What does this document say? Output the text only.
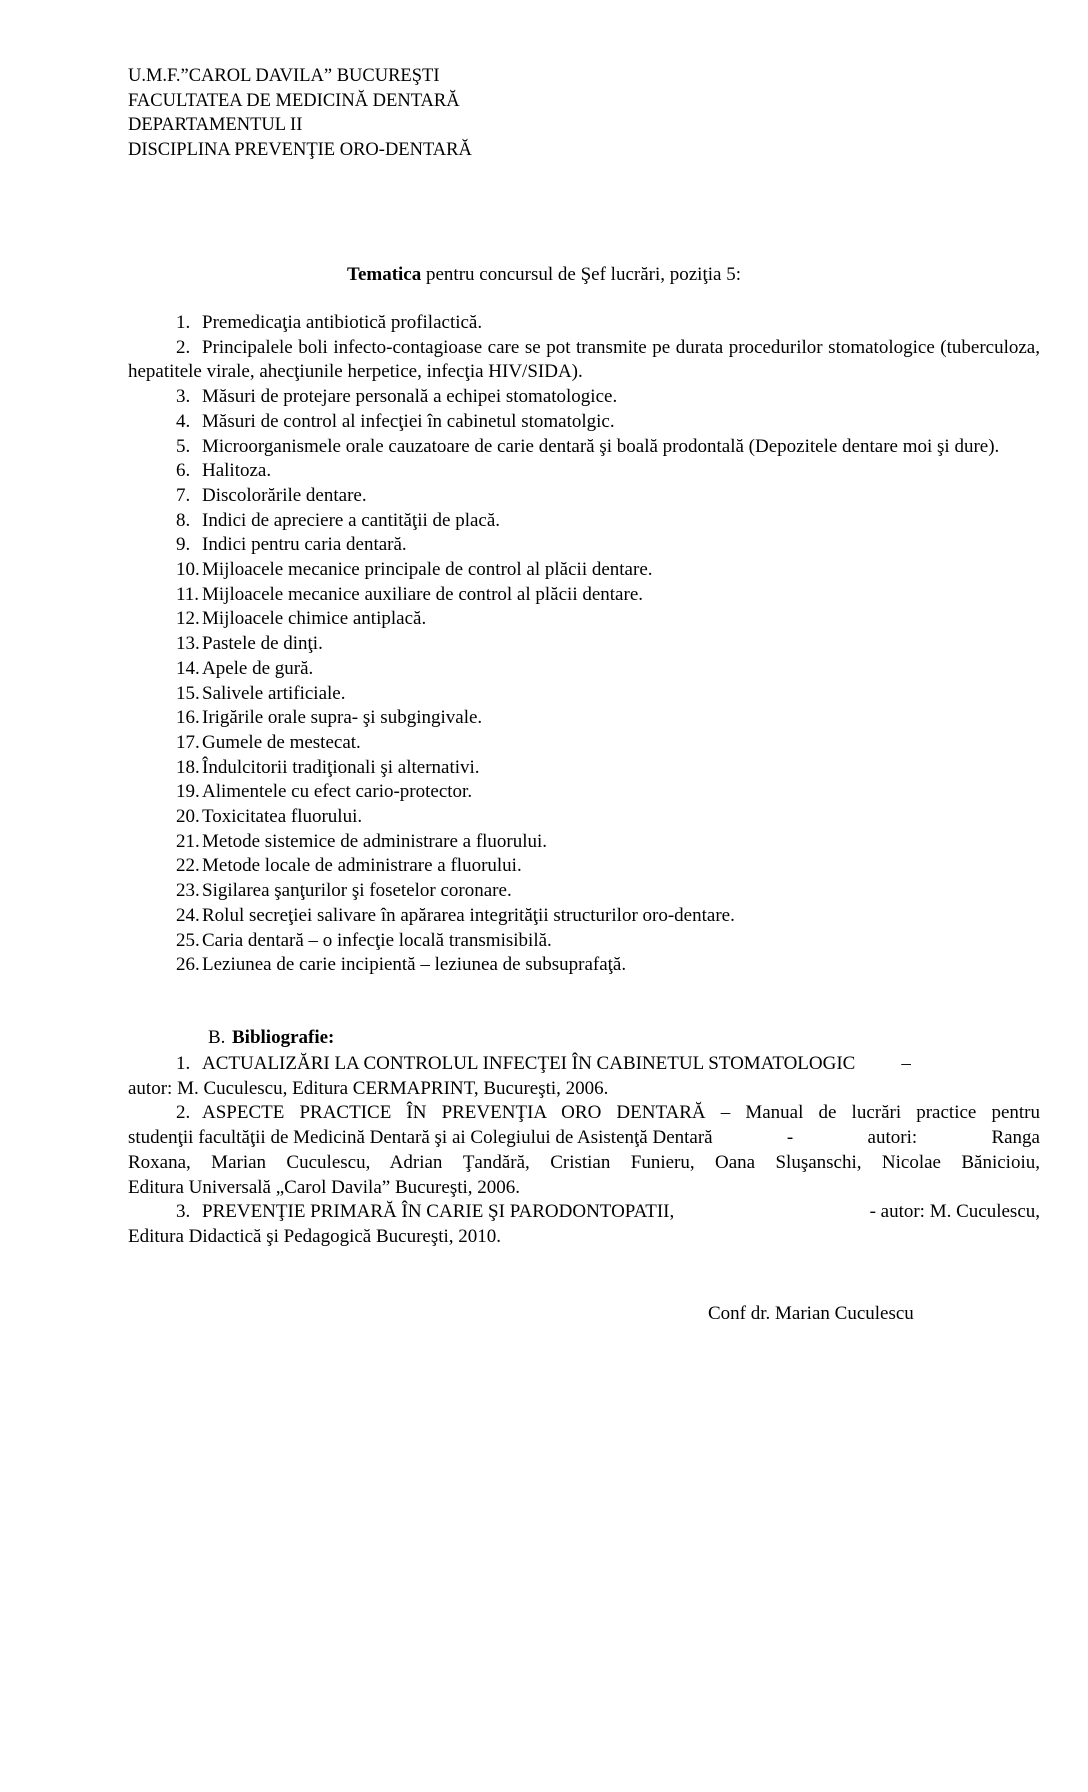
U.M.F.”CAROL DAVILA” BUCUREŞTI
FACULTATEA DE MEDICINĂ DENTARĂ
DEPARTAMENTUL II
DISCIPLINA PREVENŢIE ORO-DENTARĂ
Tematica pentru concursul de Şef lucrări, poziţia 5:
1. Premedicaţia antibiotică profilactică.
2. Principalele boli infecto-contagioase care se pot transmite pe durata procedurilor stomatologice (tuberculoza, hepatitele virale, ahecţiunile herpetice, infecţia HIV/SIDA).
3. Măsuri de protejare personală a echipei stomatologice.
4. Măsuri de control al infecţiei în cabinetul stomatolgic.
5. Microorganismele orale cauzatoare de carie dentară şi boală prodontală (Depozitele dentare moi şi dure).
6. Halitoza.
7. Discolorările dentare.
8. Indici de apreciere a cantităţii de placă.
9. Indici pentru caria dentară.
10. Mijloacele mecanice principale de control al plăcii dentare.
11. Mijloacele mecanice auxiliare de control al plăcii dentare.
12. Mijloacele chimice antiplacă.
13. Pastele de dinţi.
14. Apele de gură.
15. Salivele artificiale.
16. Irigările orale supra- şi subgingivale.
17. Gumele de mestecat.
18. Îndulcitorii tradiţionali şi alternativi.
19. Alimentele cu efect cario-protector.
20. Toxicitatea fluorului.
21. Metode sistemice de administrare a fluorului.
22. Metode locale de administrare a fluorului.
23. Sigilarea şanţurilor şi fosetelor coronare.
24. Rolul secreţiei salivare în apărarea integrităţii structurilor oro-dentare.
25. Caria dentară – o infecţie locală transmisibilă.
26. Leziunea de carie incipientă – leziunea de subsuprafaţă.
B. Bibliografie:
1. ACTUALIZĂRI LA CONTROLUL INFECŢEI ÎN CABINETUL STOMATOLOGIC –
autor: M. Cuculescu, Editura CERMAPRINT, Bucureşti, 2006.
2. ASPECTE PRACTICE ÎN PREVENŢIA ORO DENTARĂ – Manual de lucrări practice pentru
studenţii facultăţii de Medicină Dentară şi ai Colegiului de Asistenţă Dentară	-	autori:	Ranga
Roxana, Marian Cuculescu, Adrian Ţandără, Cristian Funieru, Oana Sluşanschi, Nicolae Bănicioiu,
Editura Universală „Carol Davila” Bucureşti, 2006.
3. PREVENŢIE PRIMARĂ ÎN CARIE ŞI PARODONTOPATII,	- autor: M. Cuculescu,
Editura Didactică şi Pedagogică Bucureşti, 2010.
Conf dr. Marian Cuculescu
